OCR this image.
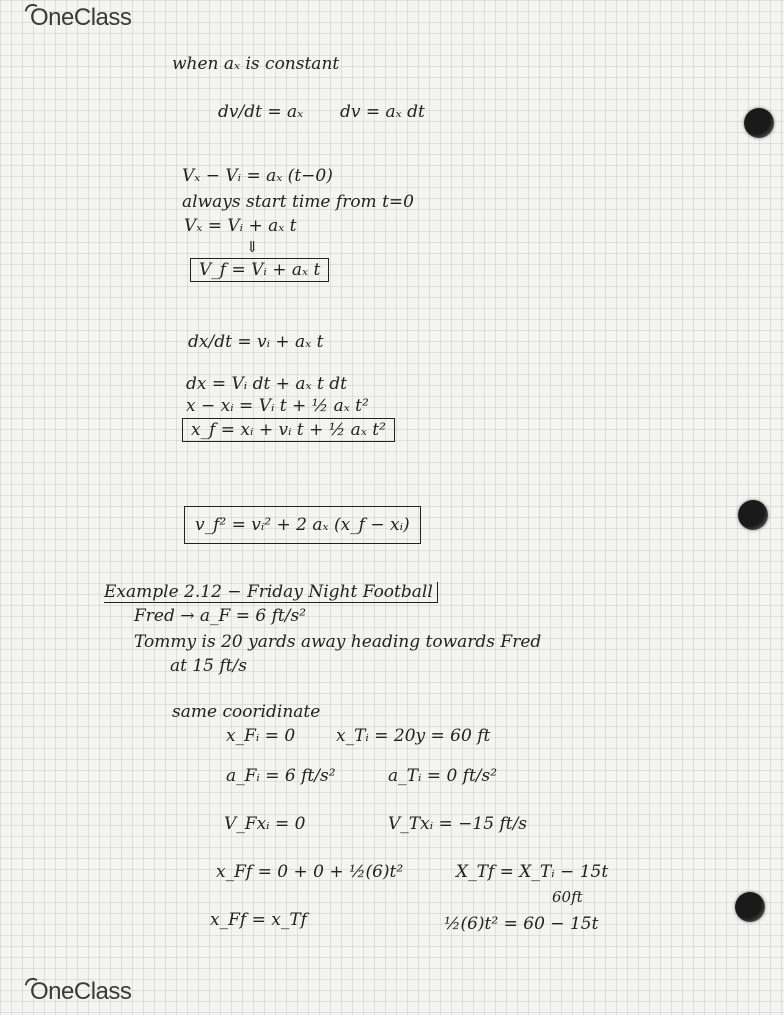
OneClass
OneClass
when aₓ is constant
dv/dt = aₓ dv = aₓ dt
Vₓ − Vᵢ = aₓ (t−0)
always start time from t=0
Vₓ = Vᵢ + aₓ t
⇓
V_f = Vᵢ + aₓ t
dx/dt = vᵢ + aₓ t
dx = Vᵢ dt + aₓ t dt
x − xᵢ = Vᵢ t + ½ aₓ t²
x_f = xᵢ + vᵢ t + ½ aₓ t²
v_f² = vᵢ² + 2 aₓ (x_f − xᵢ)
Example 2.12 − Friday Night Football
Fred → a_F = 6 ft/s²
Tommy is 20 yards away heading towards Fred
at 15 ft/s
same cooridinate
x_Fᵢ = 0 x_Tᵢ = 20y = 60 ft
a_Fᵢ = 6 ft/s²	a_Tᵢ = 0 ft/s²
V_Fxᵢ = 0	V_Txᵢ = −15 ft/s
x_Ff = 0 + 0 + ½(6)t²	X_Tf = X_Tᵢ − 15t
60ft
x_Ff = x_Tf	½(6)t² = 60 − 15t
